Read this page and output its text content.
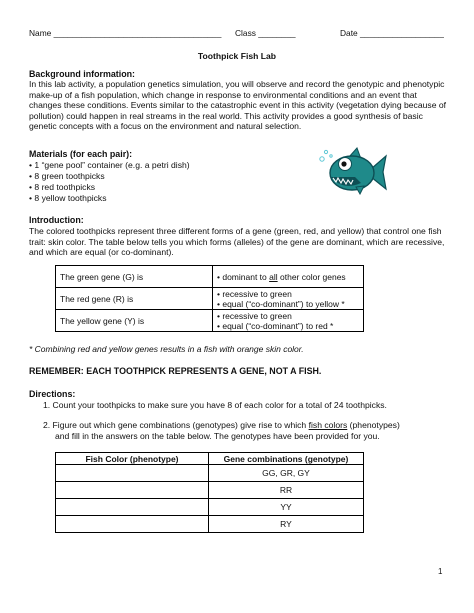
Name ____________________________________ Class ________	Date __________________
Toothpick Fish Lab
Background information:
In this lab activity, a population genetics simulation, you will observe and record the genotypic and phenotypic make-up of a fish population, which change in response to environmental conditions and an event that changes these conditions. Events similar to the catastrophic event in this activity (vegetation dying because of pollution) could happen in real streams in the real world. This activity provides a good synthesis of basic genetic concepts with a focus on the environment and natural selection.
Materials (for each pair):
• 1 “gene pool” container (e.g. a petri dish)
• 8 green toothpicks
• 8 red toothpicks
• 8 yellow toothpicks
Introduction:
The colored toothpicks represent three different forms of a gene (green, red, and yellow) that control one fish trait: skin color. The table below tells you which forms (alleles) of the gene are dominant, which are recessive, and which are equal (or co-dominant).
The green gene (G) is	• dominant to all other color genes

The red gene (R) is	• recessive to green
• equal (“co-dominant”) to yellow *
The yellow gene (Y) is	• recessive to green
• equal (“co-dominant”) to red *
* Combining red and yellow genes results in a fish with orange skin color.
REMEMBER: EACH TOOTHPICK REPRESENTS A GENE, NOT A FISH.
Directions:
1. Count your toothpicks to make sure you have 8 of each color for a total of 24 toothpicks.
2. Figure out which gene combinations (genotypes) give rise to which fish colors (phenotypes)
and fill in the answers on the table below. The genotypes have been provided for you.
Fish Color (phenotype)	Gene combinations (genotype)
	GG, GR, GY
	RR
	YY
	RY
1
